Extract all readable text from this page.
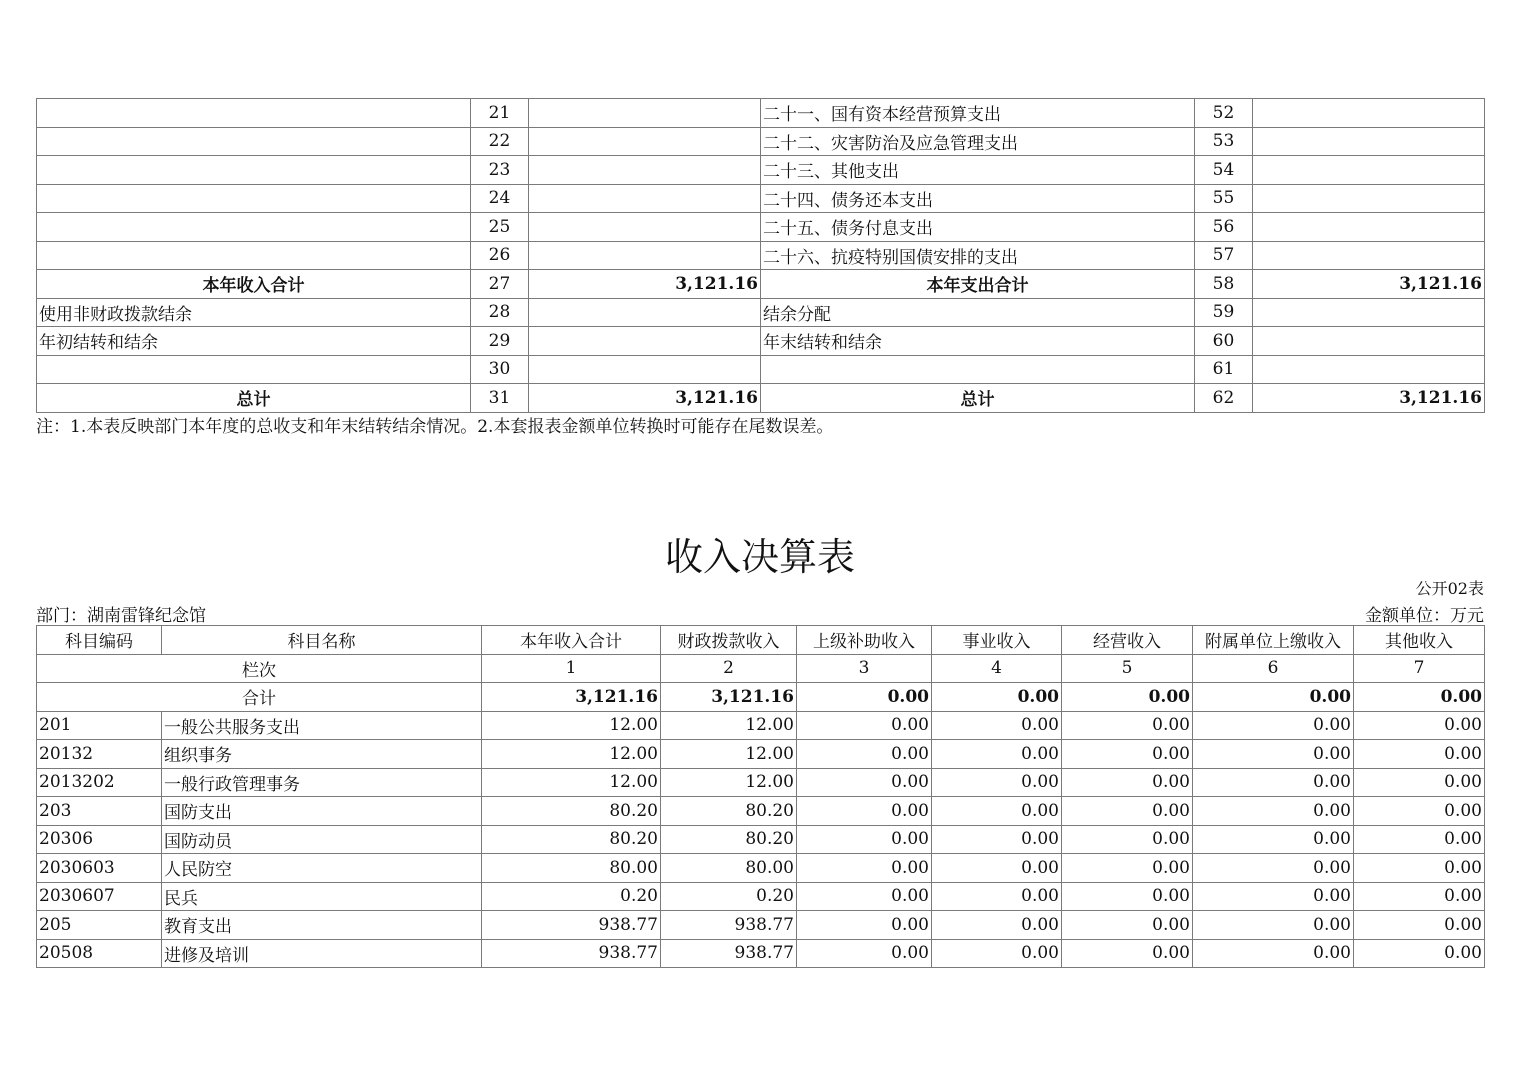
	21		二十一、国有资本经营预算支出	52	
	22		二十二、灾害防治及应急管理支出	53	
	23		二十三、其他支出	54	
	24		二十四、债务还本支出	55	
	25		二十五、债务付息支出	56	
	26		二十六、抗疫特别国债安排的支出	57	
本年收入合计	27	3,121.16	本年支出合计	58	3,121.16
使用非财政拨款结余	28		结余分配	59	
年初结转和结余	29		年末结转和结余	60	
	30			61	
总计	31	3,121.16	总计	62	3,121.16
注：1.本表反映部门本年度的总收支和年末结转结余情况。2.本套报表金额单位转换时可能存在尾数误差。
收入决算表
公开02表
部门：湖南雷锋纪念馆	金额单位：万元
科目编码	科目名称	本年收入合计	财政拨款收入	上级补助收入	事业收入	经营收入	附属单位上缴收入	其他收入
栏次		1	2	3	4	5	6	7
合计		3,121.16	3,121.16	0.00	0.00	0.00	0.00	0.00
201	一般公共服务支出	12.00	12.00	0.00	0.00	0.00	0.00	0.00
20132	组织事务	12.00	12.00	0.00	0.00	0.00	0.00	0.00
2013202	一般行政管理事务	12.00	12.00	0.00	0.00	0.00	0.00	0.00
203	国防支出	80.20	80.20	0.00	0.00	0.00	0.00	0.00
20306	国防动员	80.20	80.20	0.00	0.00	0.00	0.00	0.00
2030603	人民防空	80.00	80.00	0.00	0.00	0.00	0.00	0.00
2030607	民兵	0.20	0.20	0.00	0.00	0.00	0.00	0.00
205	教育支出	938.77	938.77	0.00	0.00	0.00	0.00	0.00
20508	进修及培训	938.77	938.77	0.00	0.00	0.00	0.00	0.00
